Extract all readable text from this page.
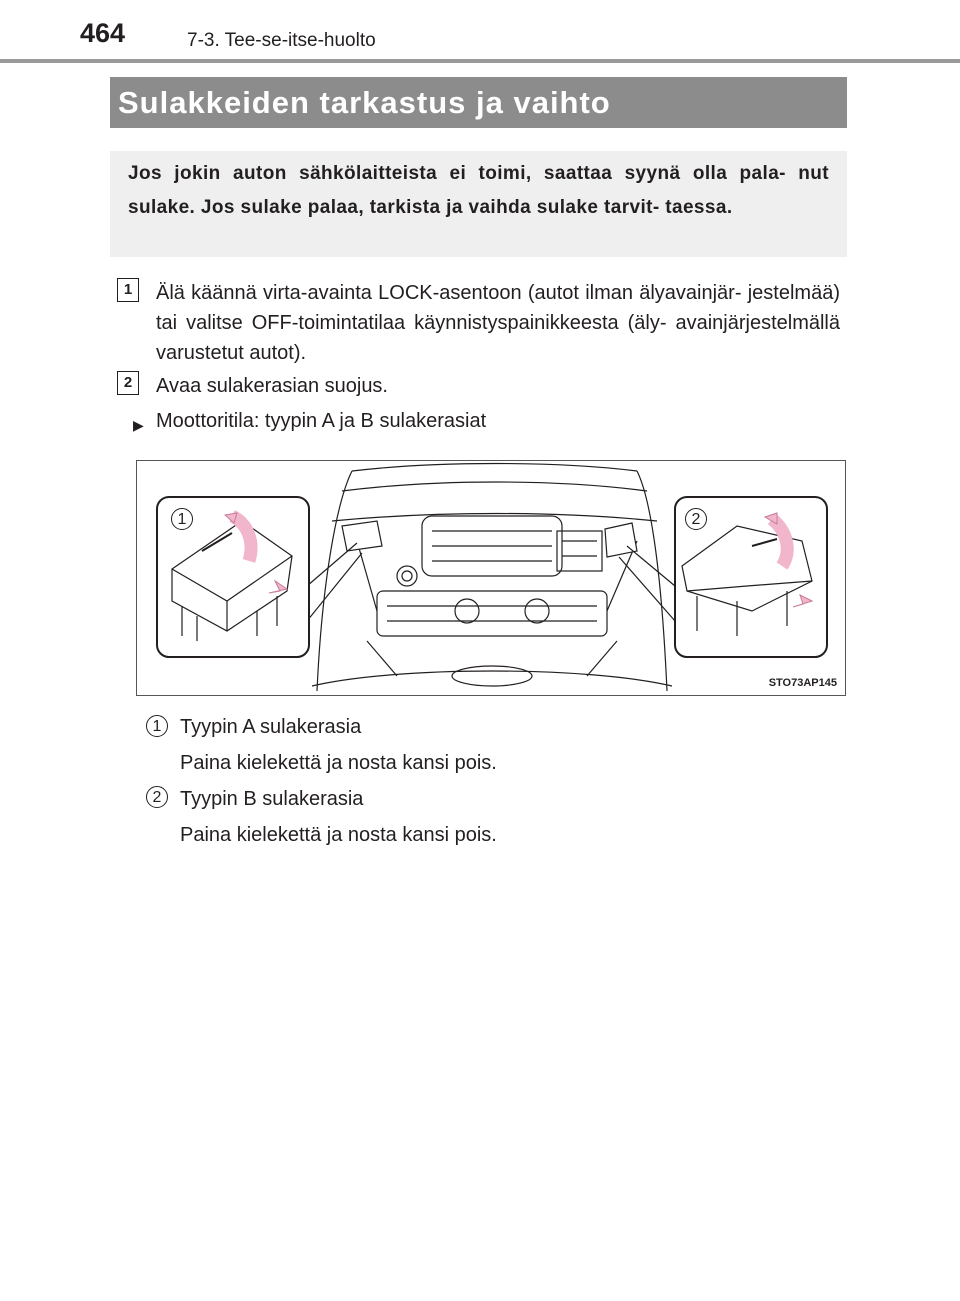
464	7-3. Tee-se-itse-huolto
Sulakkeiden tarkastus ja vaihto
Jos jokin auton sähkölaitteista ei toimi, saattaa syynä olla pala- nut sulake. Jos sulake palaa, tarkista ja vaihda sulake tarvit- taessa.
1	Älä käännä virta-avainta LOCK-asentoon (autot ilman älyavainjär- jestelmää) tai valitse OFF-toimintatilaa käynnistyspainikkeesta (äly- avainjärjestelmällä varustetut autot).
2	Avaa sulakerasian suojus.
▶ Moottoritila: tyypin A ja B sulakerasiat
1	2
STO73AP145
1 Tyypin A sulakerasia
Paina kielekettä ja nosta kansi pois.
2 Tyypin B sulakerasia
Paina kielekettä ja nosta kansi pois.
